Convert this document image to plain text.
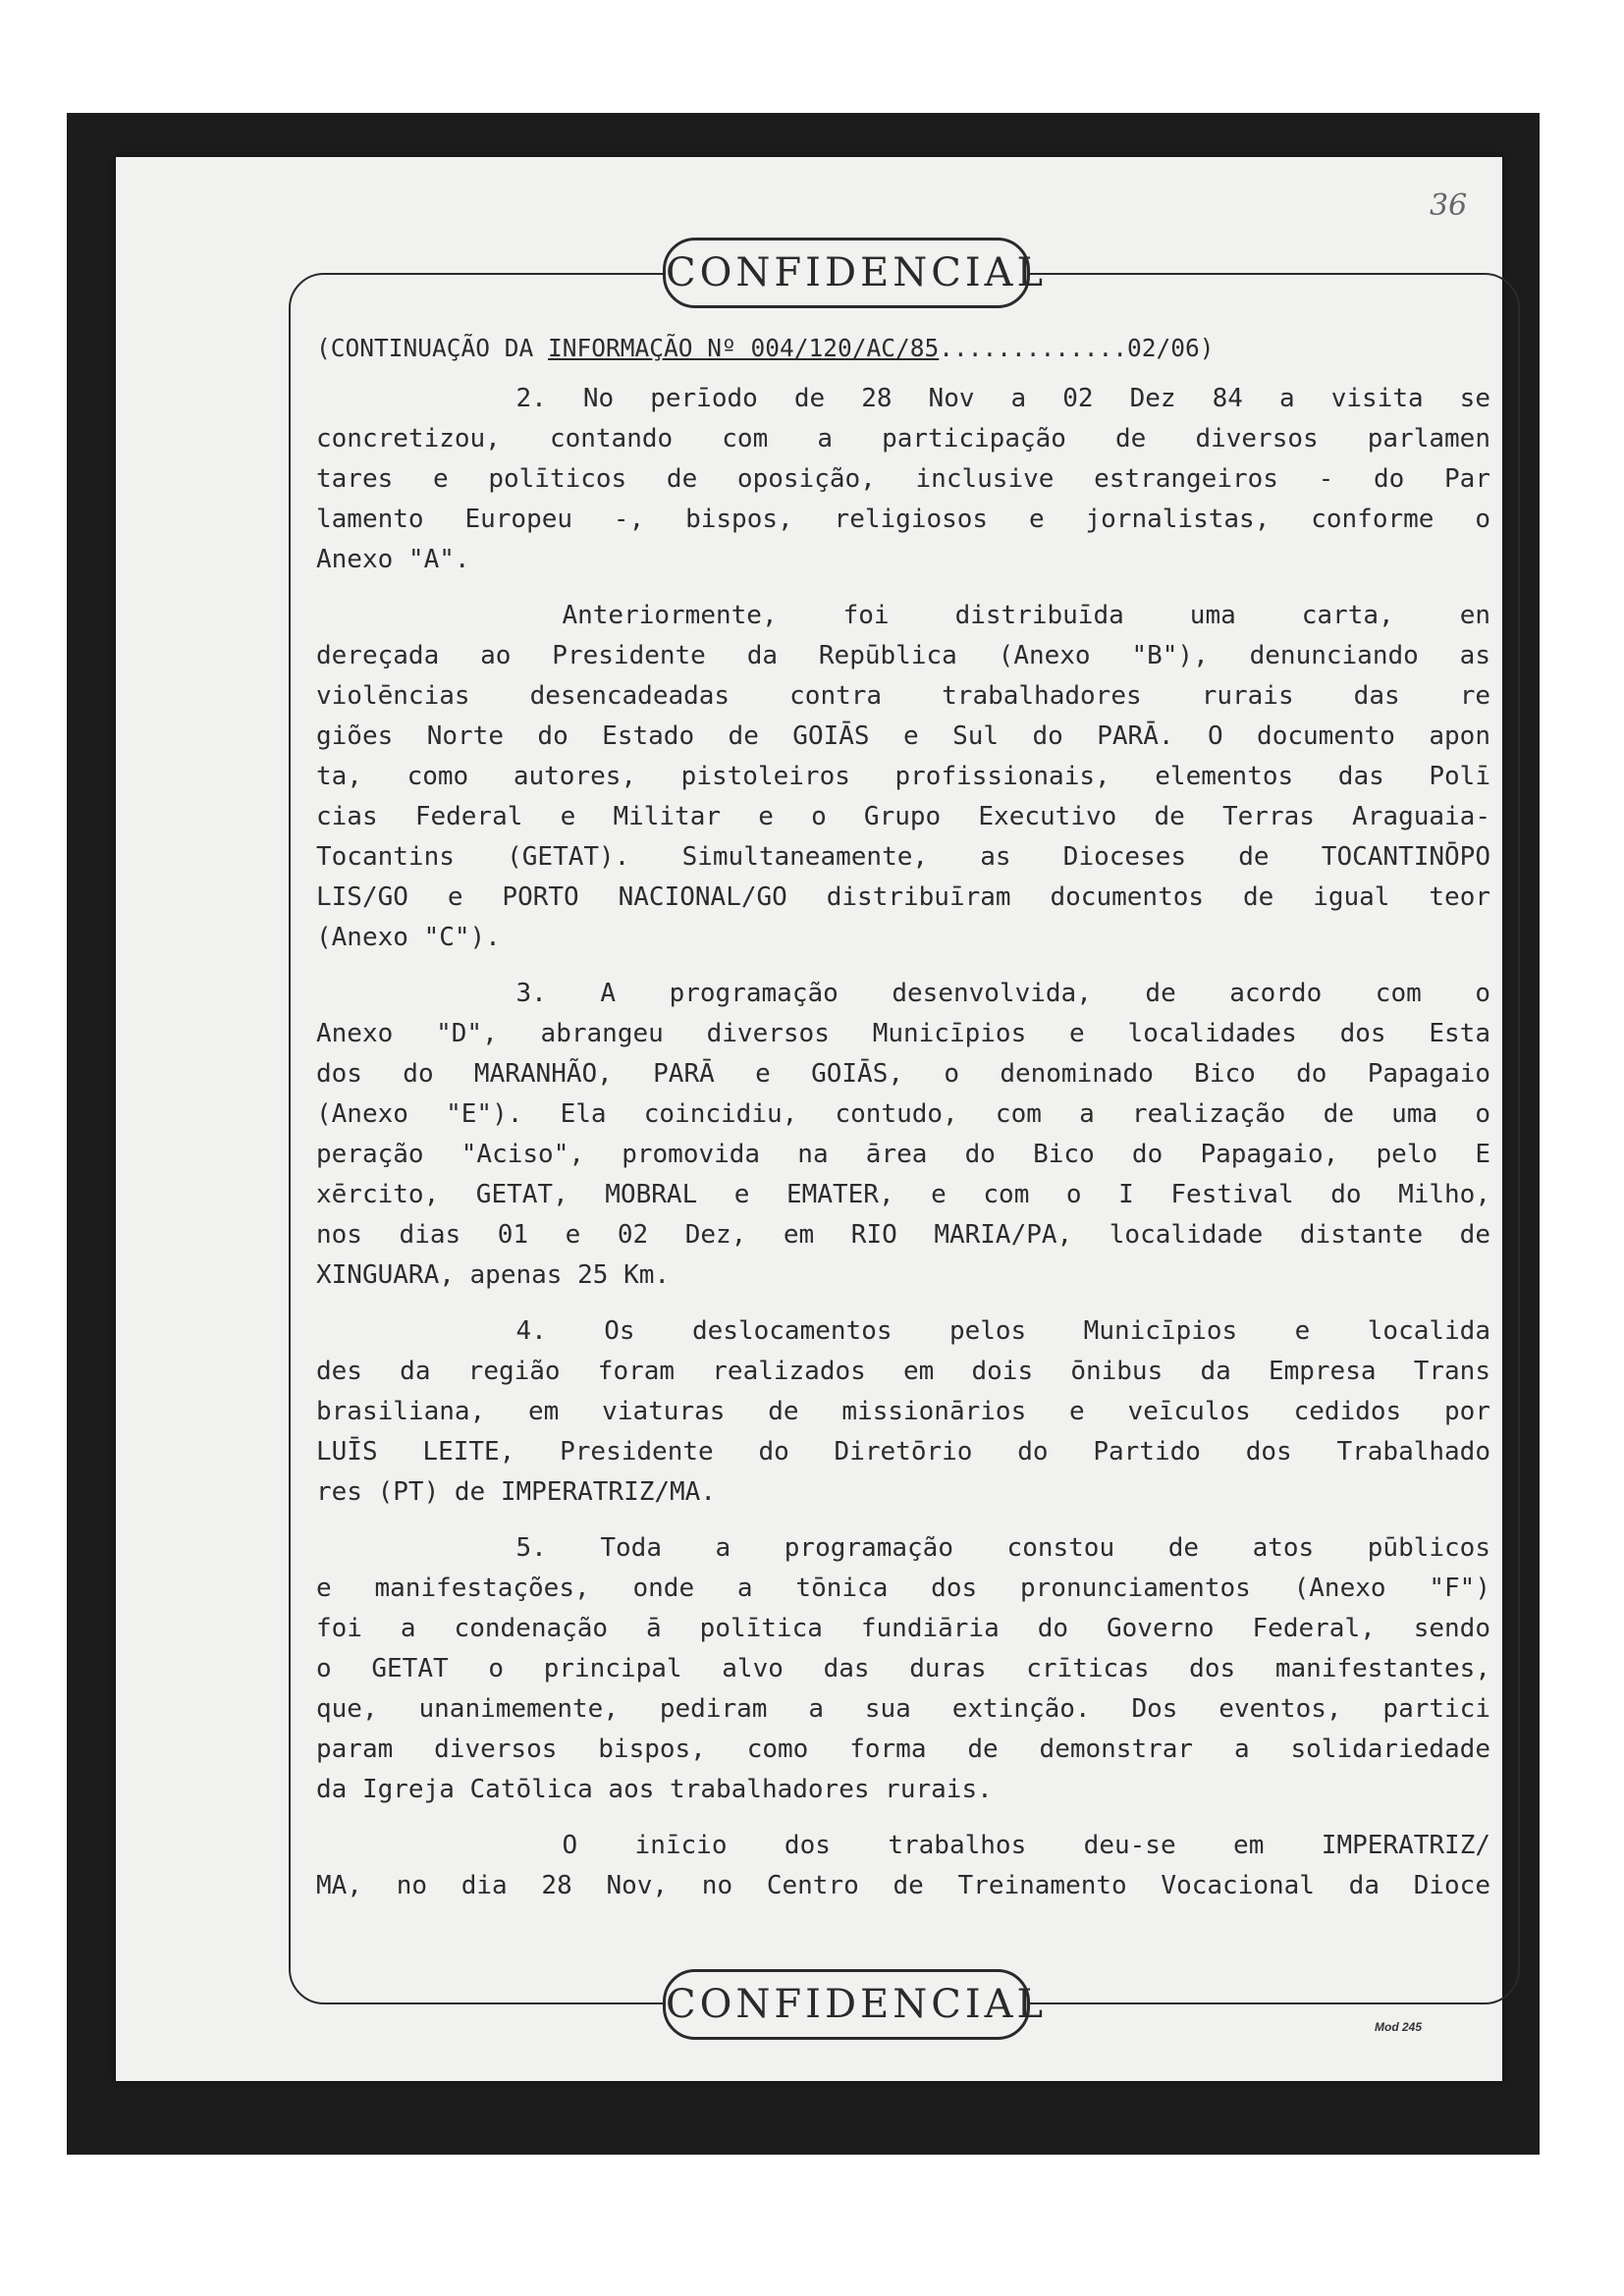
36
CONFIDENCIAL
(CONTINUAÇÃO DA INFORMAÇÃO Nº 004/120/AC/85.............02/06)
2. No perīodo de 28 Nov a 02 Dez 84 a visita se
concretizou, contando com a participação de diversos parlamen
tares e polīticos de oposição, inclusive estrangeiros - do Par
lamento Europeu -, bispos, religiosos e jornalistas, conforme o
Anexo "A".
Anteriormente, foi distribuīda uma carta, en
dereçada ao Presidente da Repūblica (Anexo "B"), denunciando as
violēncias desencadeadas contra trabalhadores rurais das re
giões Norte do Estado de GOIĀS e Sul do PARĀ. O documento apon
ta, como autores, pistoleiros profissionais, elementos das Polī
cias Federal e Militar e o Grupo Executivo de Terras Araguaia-
Tocantins (GETAT). Simultaneamente, as Dioceses de TOCANTINŌPO
LIS/GO e PORTO NACIONAL/GO distribuīram documentos de igual teor
(Anexo "C").
3. A programação desenvolvida, de acordo com o
Anexo "D", abrangeu diversos Municīpios e localidades dos Esta
dos do MARANHÃO, PARĀ e GOIĀS, o denominado Bico do Papagaio
(Anexo "E"). Ela coincidiu, contudo, com a realização de uma o
peração "Aciso", promovida na ārea do Bico do Papagaio, pelo E
xērcito, GETAT, MOBRAL e EMATER, e com o I Festival do Milho,
nos dias 01 e 02 Dez, em RIO MARIA/PA, localidade distante de
XINGUARA, apenas 25 Km.
4. Os deslocamentos pelos Municīpios e localida
des da região foram realizados em dois ōnibus da Empresa Trans
brasiliana, em viaturas de missionārios e veīculos cedidos por
LUĪS LEITE, Presidente do Diretōrio do Partido dos Trabalhado
res (PT) de IMPERATRIZ/MA.
5. Toda a programação constou de atos pūblicos
e manifestações, onde a tōnica dos pronunciamentos (Anexo "F")
foi a condenação ā polītica fundiāria do Governo Federal, sendo
o GETAT o principal alvo das duras crīticas dos manifestantes,
que, unanimemente, pediram a sua extinção. Dos eventos, partici
param diversos bispos, como forma de demonstrar a solidariedade
da Igreja Catōlica aos trabalhadores rurais.
O inīcio dos trabalhos deu-se em IMPERATRIZ/
MA, no dia 28 Nov, no Centro de Treinamento Vocacional da Dioce
CONFIDENCIAL	Mod 245
